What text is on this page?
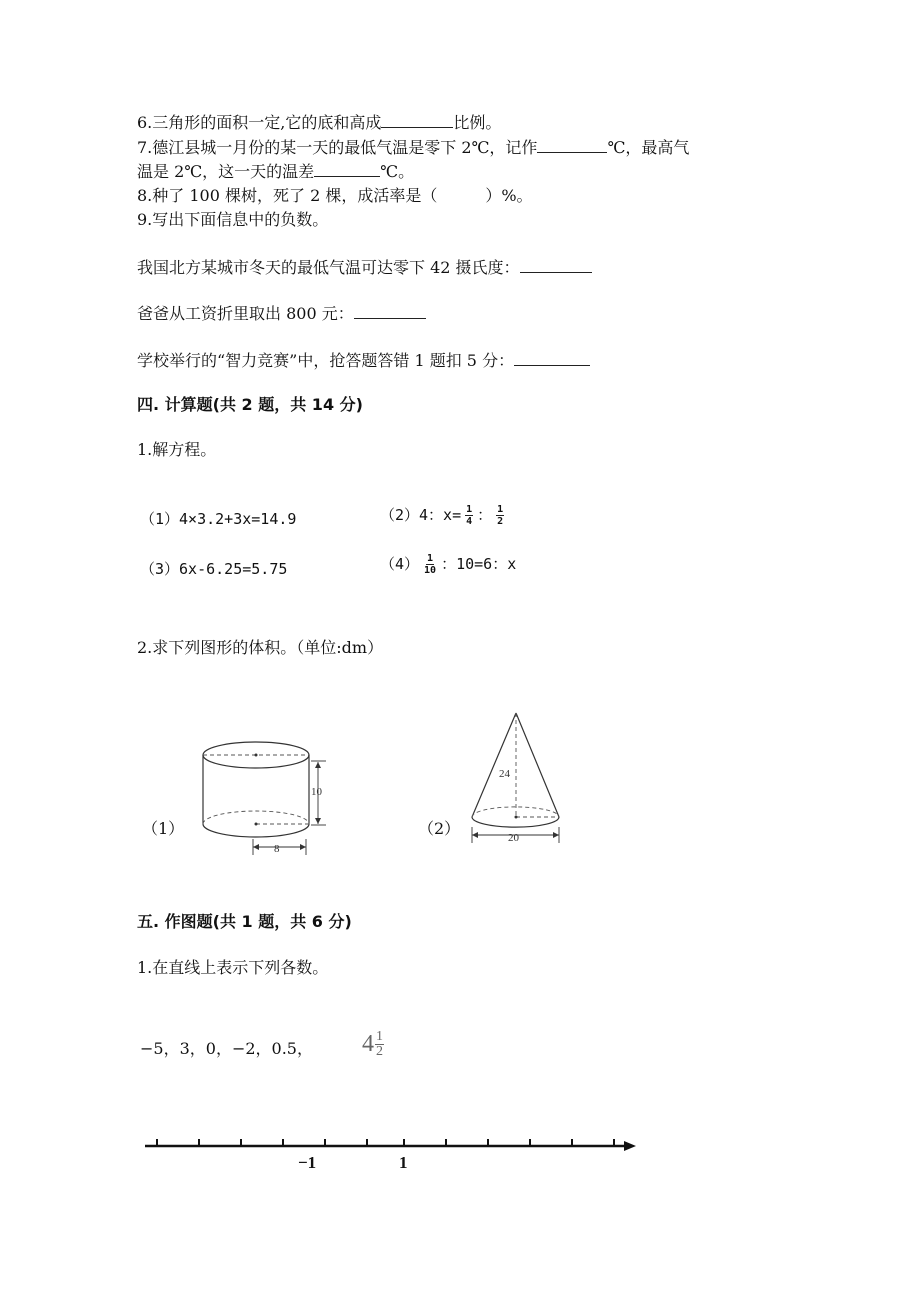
6.三角形的面积一定,它的底和高成	比例。
7.德江县城一月份的某一天的最低气温是零下 2℃，记作	℃，最高气
温是 2℃，这一天的温差	℃。
8.种了 100 棵树，死了 2 棵，成活率是（　　　）%。
9.写出下面信息中的负数。
我国北方某城市冬天的最低气温可达零下 42 摄氏度：
爸爸从工资折里取出 800 元：
学校举行的“智力竞赛”中，抢答题答错 1 题扣 5 分：
四. 计算题(共 2 题，共 14 分)
1.解方程。
（1）4×3.2+3x=14.9	（2）4：$x= \frac{1}{4}$ ： $\frac{1}{2}$
（3）6x-6.25=5.75	$(4) \frac{1}{10}$ ：10=6：x
2.求下列图形的体积。（单位:dm）
（1）
10
8
（2）
24
20
五. 作图题(共 1 题，共 6 分)
1.在直线上表示下列各数。
−5，3，0，−2，0.5， $4 \frac{1}{2}$
−1	1
